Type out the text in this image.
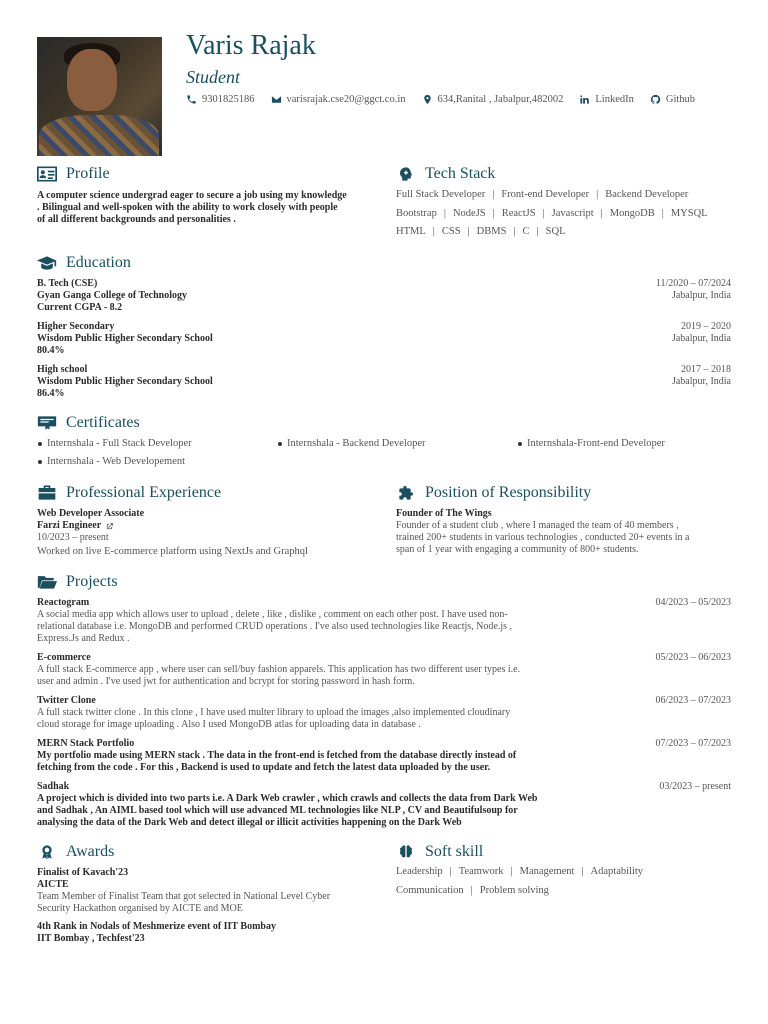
Varis Rajak
Student
9301825186	varisrajak.cse20@ggct.co.in	634,Ranital , Jabalpur,482002	LinkedIn	Github
Profile
A computer science undergrad eager to secure a job using my knowledge
. Bilingual and well-spoken with the ability to work closely with people
of all different backgrounds and personalities .
Tech Stack
Full Stack Developer | Front-end Developer | Backend Developer
Bootstrap | NodeJS | ReactJS | Javascript | MongoDB | MYSQL
HTML | CSS | DBMS | C | SQL
Education
B. Tech (CSE)
Gyan Ganga College of Technology
Current CGPA - 8.2
11/2020 – 07/2024
Jabalpur, India
Higher Secondary
Wisdom Public Higher Secondary School
80.4%
2019 – 2020
Jabalpur, India
High school
Wisdom Public Higher Secondary School
86.4%
2017 – 2018
Jabalpur, India
Certificates
Internshala - Full Stack Developer	Internshala - Backend Developer	Internshala-Front-end Developer
Internshala - Web Developement
Professional Experience
Web Developer Associate
Farzi Engineer
10/2023 – present
Worked on live E-commerce platform using NextJs and Graphql
Position of Responsibility
Founder of The Wings
Founder of a student club , where I managed the team of 40 members ,
trained 200+ students in various technologies , conducted 20+ events in a
span of 1 year with engaging a community of 800+ students.
Projects
Reactogram
A social media app which allows user to upload , delete , like , dislike , comment on each other post. I have used non-
relational database i.e. MongoDB and performed CRUD operations . I've also used technologies like Reactjs, Node.js ,
Express.Js and Redux .
04/2023 – 05/2023
E-commerce
A full stack E-commerce app , where user can sell/buy fashion apparels. This application has two different user types i.e.
user and admin . I've used jwt for authentication and bcrypt for storing password in hash form.
05/2023 – 06/2023
Twitter Clone
A full stack twitter clone . In this clone , I have used multer library to upload the images ,also implemented cloudinary
cloud storage for image uploading . Also I used MongoDB atlas for uploading data in database .
06/2023 – 07/2023
MERN Stack Portfolio
My portfolio made using MERN stack . The data in the front-end is fetched from the database directly instead of
fetching from the code . For this , Backend is used to update and fetch the latest data uploaded by the user.
07/2023 – 07/2023
Sadhak
A project which is divided into two parts i.e. A Dark Web crawler , which crawls and collects the data from Dark Web
and Sadhak , An AIML based tool which will use advanced ML technologies like NLP , CV and Beautifulsoup for
analysing the data of the Dark Web and detect illegal or illicit activities happening on the Dark Web
03/2023 – present
Awards
Finalist of Kavach'23
AICTE
Team Member of Finalist Team that got selected in National Level Cyber
Security Hackathon organised by AICTE and MOE
4th Rank in Nodals of Meshmerize event of IIT Bombay
IIT Bombay , Techfest'23
Soft skill
Leadership | Teamwork | Management | Adaptability
Communication | Problem solving
